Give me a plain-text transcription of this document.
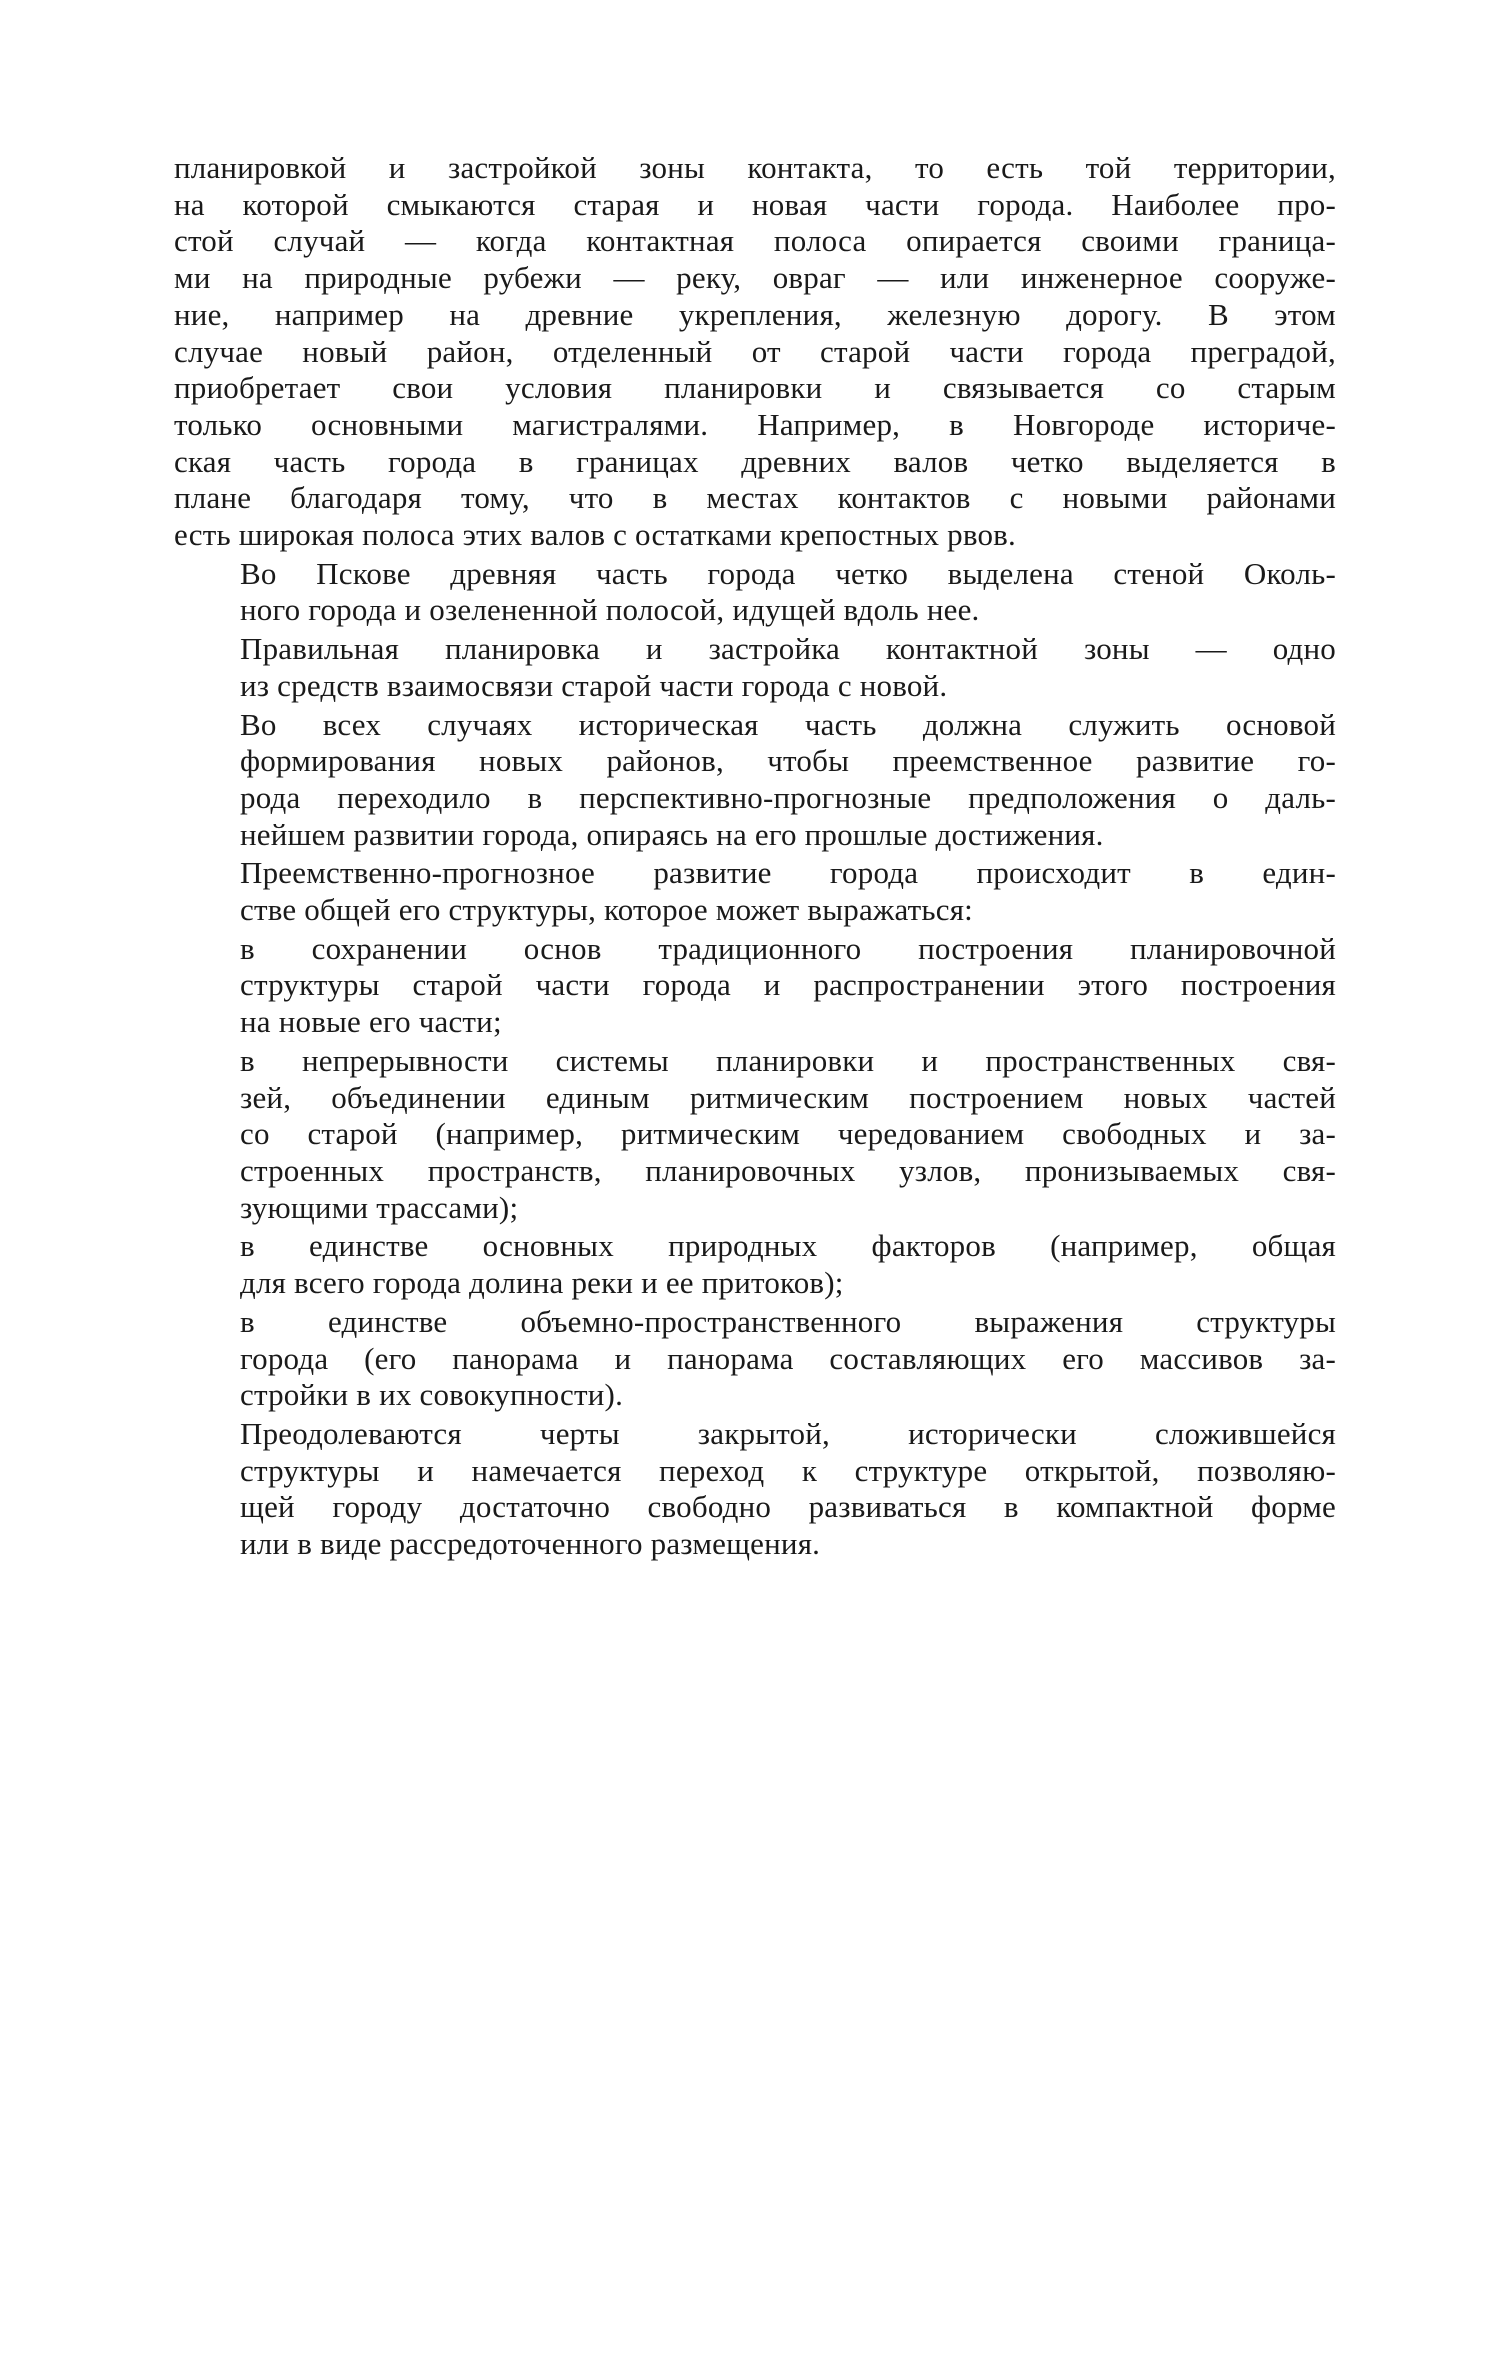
планировкой и застройкой зоны контакта, то есть той территории,
на которой смыкаются старая и новая части города. Наиболее про-
стой случай — когда контактная полоса опирается своими граница-
ми на природные рубежи — реку, овраг — или инженерное сооруже-
ние, например на древние укрепления, железную дорогу. В этом
случае новый район, отделенный от старой части города преградой,
приобретает свои условия планировки и связывается со старым
только основными магистралями. Например, в Новгороде историче-
ская часть города в границах древних валов четко выделяется в
плане благодаря тому, что в местах контактов с новыми районами
есть широкая полоса этих валов с остатками крепостных рвов.
Во Пскове древняя часть города четко выделена стеной Околь-
ного города и озелененной полосой, идущей вдоль нее.
Правильная планировка и застройка контактной зоны — одно
из средств взаимосвязи старой части города с новой.
Во всех случаях историческая часть должна служить основой
формирования новых районов, чтобы преемственное развитие го-
рода переходило в перспективно-прогнозные предположения о даль-
нейшем развитии города, опираясь на его прошлые достижения.
Преемственно-прогнозное развитие города происходит в един-
стве общей его структуры, которое может выражаться:
в сохранении основ традиционного построения планировочной
структуры старой части города и распространении этого построения
на новые его части;
в непрерывности системы планировки и пространственных свя-
зей, объединении единым ритмическим построением новых частей
со старой (например, ритмическим чередованием свободных и за-
строенных пространств, планировочных узлов, пронизываемых свя-
зующими трассами);
в единстве основных природных факторов (например, общая
для всего города долина реки и ее притоков);
в единстве объемно-пространственного выражения структуры
города (его панорама и панорама составляющих его массивов за-
стройки в их совокупности).
Преодолеваются черты закрытой, исторически сложившейся
структуры и намечается переход к структуре открытой, позволяю-
щей городу достаточно свободно развиваться в компактной форме
или в виде рассредоточенного размещения.
